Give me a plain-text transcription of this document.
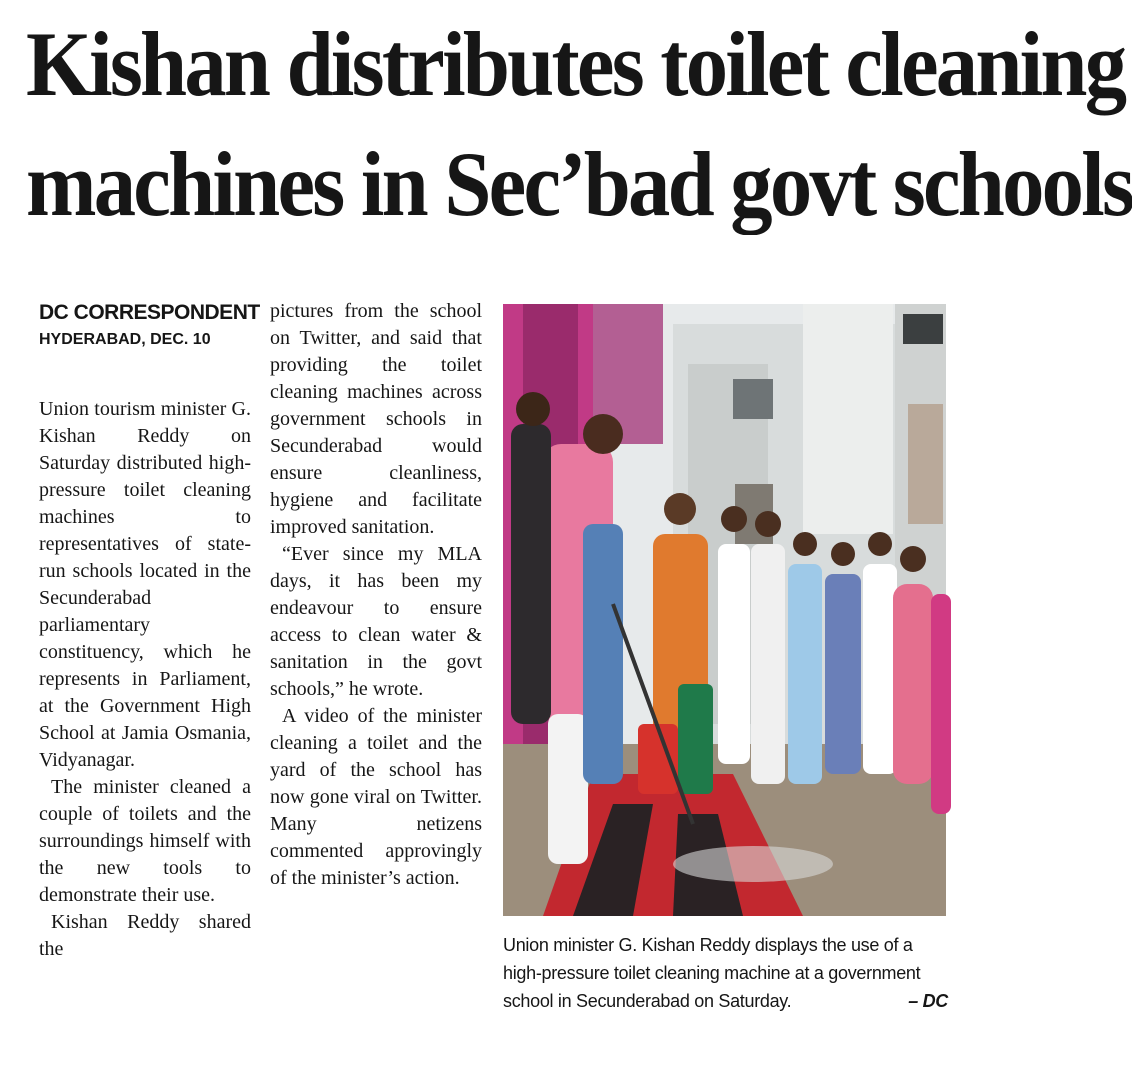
Kishan distributes toilet cleaning
machines in Sec’bad govt schools
DC CORRESPONDENT
HYDERABAD, DEC. 10

Union tourism minister G. Kishan Reddy on Saturday distributed high-pressure toilet cleaning machines to representatives of state-run schools located in the Secunderabad parliamentary constituency, which he represents in Parliament, at the Government High School at Jamia Osmania, Vidyanagar.

The minister cleaned a couple of toilets and the surroundings himself with the new tools to demonstrate their use.

Kishan Reddy shared the

pictures from the school on Twitter, and said that providing the toilet cleaning machines across government schools in Secunderabad would ensure cleanliness, hygiene and facilitate improved sanitation.

“Ever since my MLA days, it has been my endeavour to ensure access to clean water & sanitation in the govt schools,” he wrote.

A video of the minister cleaning a toilet and the yard of the school has now gone viral on Twitter. Many netizens commented approvingly of the minister’s action.

Union minister G. Kishan Reddy displays the use of a high-pressure toilet cleaning machine at a government school in Secunderabad on Saturday.	– DC
